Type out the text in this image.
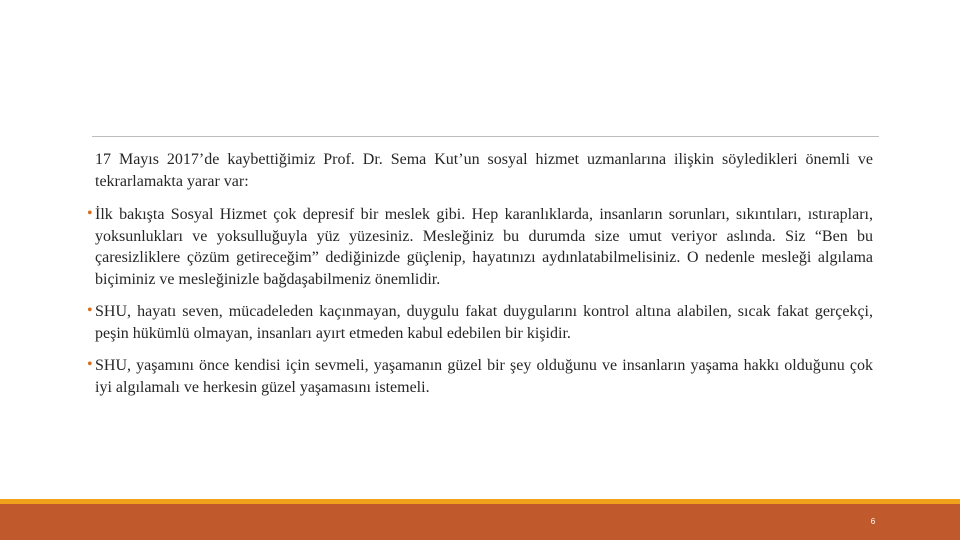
17 Mayıs 2017’de kaybettiğimiz Prof. Dr. Sema Kut’un sosyal hizmet uzmanlarına ilişkin söyledikleri önemli ve tekrarlamakta yarar var:

• İlk bakışta Sosyal Hizmet çok depresif bir meslek gibi. Hep karanlıklarda, insanların sorunları, sıkıntıları, ıstırapları, yoksunlukları ve yoksulluğuyla yüz yüzesiniz. Mesleğiniz bu durumda size umut veriyor aslında. Siz “Ben bu çaresizliklere çözüm getireceğim” dediğinizde güçlenip, hayatınızı aydınlatabilmelisiniz. O nedenle mesleği algılama biçiminiz ve mesleğinizle bağdaşabilmeniz önemlidir.
• SHU, hayatı seven, mücadeleden kaçınmayan, duygulu fakat duygularını kontrol altına alabilen, sıcak fakat gerçekçi, peşin hükümlü olmayan, insanları ayırt etmeden kabul edebilen bir kişidir.
• SHU, yaşamını önce kendisi için sevmeli, yaşamanın güzel bir şey olduğunu ve insanların yaşama hakkı olduğunu çok iyi algılamalı ve herkesin güzel yaşamasını istemeli.
6
